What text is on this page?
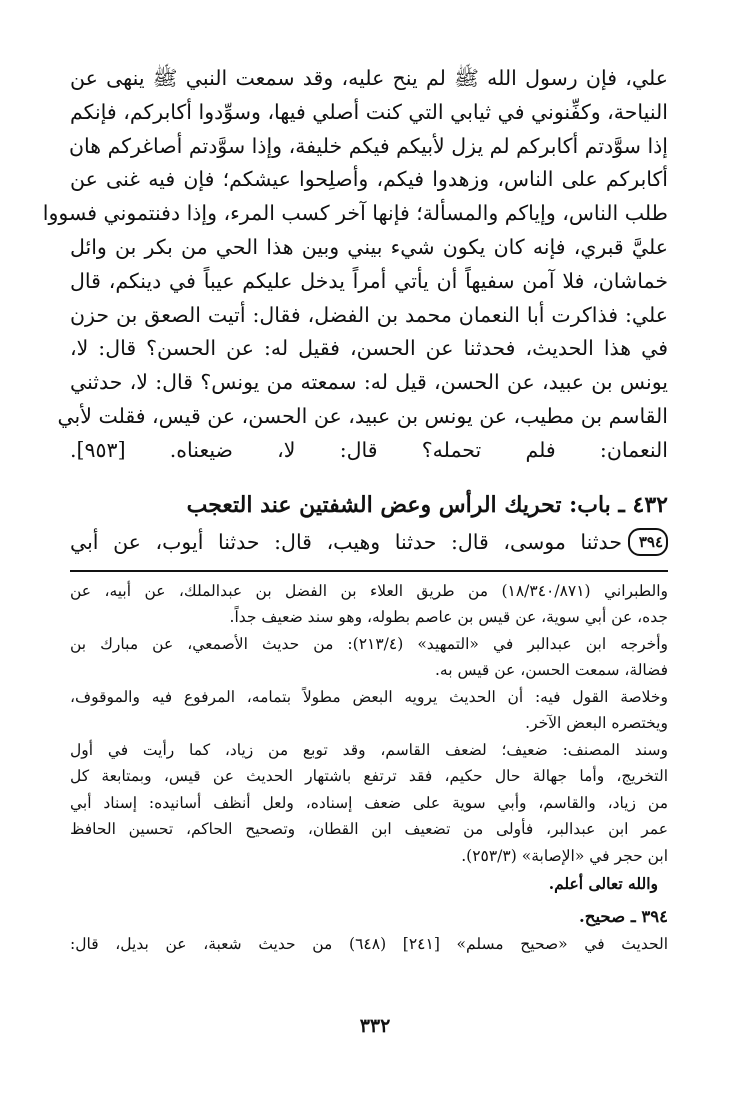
علي، فإن رسول الله ﷺ لم ينح عليه، وقد سمعت النبي ﷺ ينهى عن
النياحة، وكفِّنوني في ثيابي التي كنت أصلي فيها، وسوِّدوا أكابركم، فإنكم
إذا سوَّدتم أكابركم لم يزل لأبيكم فيكم خليفة، وإذا سوَّدتم أصاغركم هان
أكابركم على الناس، وزهدوا فيكم، وأصلِحوا عيشكم؛ فإن فيه غنى عن
طلب الناس، وإياكم والمسألة؛ فإنها آخر كسب المرء، وإذا دفنتموني فسووا
عليَّ قبري، فإنه كان يكون شيء بيني وبين هذا الحي من بكر بن وائل
خماشان، فلا آمن سفيهاً أن يأتي أمراً يدخل عليكم عيباً في دينكم، قال
علي: فذاكرت أبا النعمان محمد بن الفضل، فقال: أتيت الصعق بن حزن
في هذا الحديث، فحدثنا عن الحسن، فقيل له: عن الحسن؟ قال: لا،
يونس بن عبيد، عن الحسن، قيل له: سمعته من يونس؟ قال: لا، حدثني
القاسم بن مطيب، عن يونس بن عبيد، عن الحسن، عن قيس، فقلت لأبي
النعمان: فلم تحمله؟ قال: لا، ضيعناه. [٩٥٣].
٤٣٢ ـ باب: تحريك الرأس وعض الشفتين عند التعجب
٣٩٤
حدثنا موسى، قال: حدثنا وهيب، قال: حدثنا أيوب، عن أبي
والطبراني (١٨/٣٤٠/٨٧١) من طريق العلاء بن الفضل بن عبدالملك، عن أبيه، عن
جده، عن أبي سوية، عن قيس بن عاصم بطوله، وهو سند ضعيف جداً.
وأخرجه ابن عبدالبر في «التمهيد» (٢١٣/٤): من حديث الأصمعي، عن مبارك بن
فضالة، سمعت الحسن، عن قيس به.
وخلاصة القول فيه: أن الحديث يرويه البعض مطولاً بتمامه، المرفوع فيه والموقوف،
ويختصره البعض الآخر.
وسند المصنف: ضعيف؛ لضعف القاسم، وقد توبع من زياد، كما رأيت في أول
التخريج، وأما جهالة حال حكيم، فقد ترتفع باشتهار الحديث عن قيس، وبمتابعة كل
من زياد، والقاسم، وأبي سوية على ضعف إسناده، ولعل أنظف أسانيده: إسناد أبي
عمر ابن عبدالبر، فأولى من تضعيف ابن القطان، وتصحيح الحاكم، تحسين الحافظ
ابن حجر في «الإصابة» (٢٥٣/٣).
والله تعالى أعلم.
٣٩٤ ـ صحيح.
الحديث في «صحيح مسلم» [٢٤١] (٦٤٨) من حديث شعبة، عن بديل، قال:
٣٣٢
